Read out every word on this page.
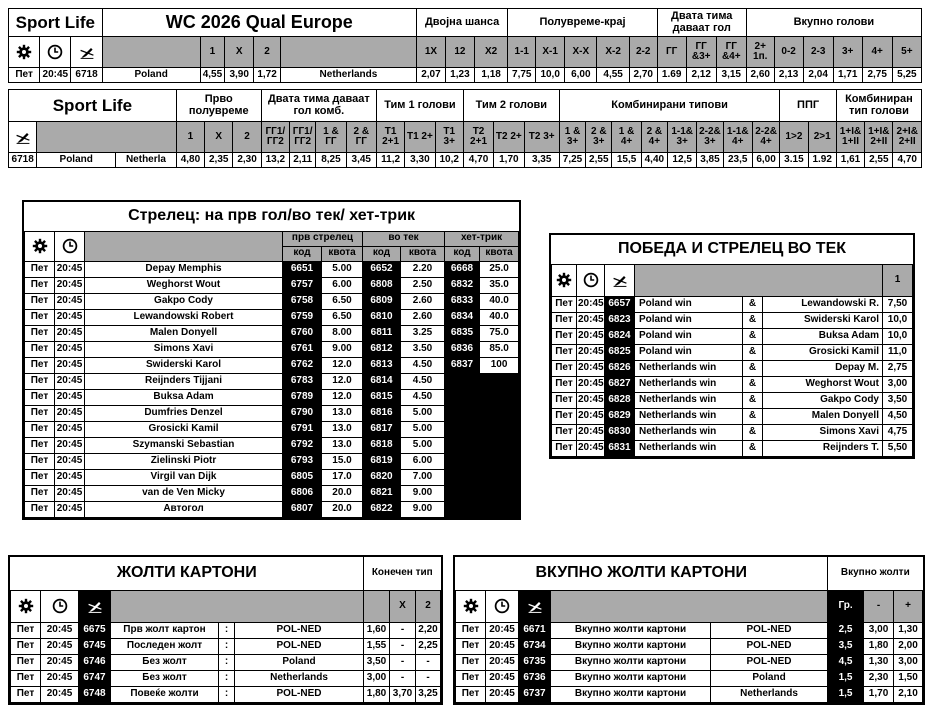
Sport Life			WC 2026 Qual Europe					Двојна шанса			Полувреме-крај					Двата тима даваат гол			Вкупно голови					

		1	X	2		1X	12	X2	1-1	X-1	X-X	X-2	2-2	ГГ	ГГ &3+	ГГ &4+	2+ 1п.	0-2	2-3	3+	4+	5+
Пет	20:45	6718	Poland	4,55	3,90	1,72	Netherlands	2,07	1,23	1,18	7,75	10,0	6,00	4,55	2,70	1.69	2,12	3,15	2,60	2,13	2,04	1,71	2,75	5,25
Sport Life			Прво полувреме			Двата тима даваат гол комб.				Тим 1 голови			Тим 2 голови			Комбинирани типови								ППГ		Комбиниран тип голови		

		1	X	2	ГГ1/ ГГ2	ГГ1/ ГГ2	1 & ГГ	2 & ГГ	T1 2+1	T1 2+	T1 3+	T2 2+1	T2 2+	T2 3+	1 & 3+	2 & 3+	1 & 4+	2 & 4+	1-1& 3+	2-2& 3+	1-1& 4+	2-2& 4+	1>2	2>1	1+I& 1+II	1+I& 2+II	2+I& 2+II
6718	Poland	Netherla	4,80	2,35	2,30	13,2	2,11	8,25	3,45	11,2	3,30	10,2	4,70	1,70	3,35	7,25	2,55	15,5	4,40	12,5	3,85	23,5	6,00	3.15	1.92	1,61	2,55	4,70
Стрелец: на прв гол/во тек/ хет-трик								

		прв стрелец		во тек		хет-трик	
			код	квота	код	квота	код	квота
Пет	20:45	Depay Memphis	6651	5.00	6652	2.20	6668	25.0
Пет	20:45	Weghorst Wout	6757	6.00	6808	2.50	6832	35.0
Пет	20:45	Gakpo Cody	6758	6.50	6809	2.60	6833	40.0
Пет	20:45	Lewandowski Robert	6759	6.50	6810	2.60	6834	40.0
Пет	20:45	Malen Donyell	6760	8.00	6811	3.25	6835	75.0
Пет	20:45	Simons Xavi	6761	9.00	6812	3.50	6836	85.0
Пет	20:45	Swiderski Karol	6762	12.0	6813	4.50	6837	100
Пет	20:45	Reijnders Tijjani	6783	12.0	6814	4.50		
Пет	20:45	Buksa Adam	6789	12.0	6815	4.50		
Пет	20:45	Dumfries Denzel	6790	13.0	6816	5.00		
Пет	20:45	Grosicki Kamil	6791	13.0	6817	5.00		
Пет	20:45	Szymanski Sebastian	6792	13.0	6818	5.00		
Пет	20:45	Zielinski Piotr	6793	15.0	6819	6.00		
Пет	20:45	Virgil van Dijk	6805	17.0	6820	7.00		
Пет	20:45	van de Ven Micky	6806	20.0	6821	9.00		
Пет	20:45	Автогол	6807	20.0	6822	9.00		
ПОБЕДА И СТРЕЛЕЦ ВО ТЕК						

		1
Пет	20:45	6657	Poland win	&	Lewandowski R.	7,50
Пет	20:45	6823	Poland win	&	Swiderski Karol	10,0
Пет	20:45	6824	Poland win	&	Buksa Adam	10,0
Пет	20:45	6825	Poland win	&	Grosicki Kamil	11,0
Пет	20:45	6826	Netherlands win	&	Depay M.	2,75
Пет	20:45	6827	Netherlands win	&	Weghorst Wout	3,00
Пет	20:45	6828	Netherlands win	&	Gakpo Cody	3,50
Пет	20:45	6829	Netherlands win	&	Malen Donyell	4,50
Пет	20:45	6830	Netherlands win	&	Simons Xavi	4,75
Пет	20:45	6831	Netherlands win	&	Reijnders T.	5,50
ЖОЛТИ КАРТОНИ						Конечен тип		

			X	2
Пет	20:45	6675	Прв жолт картон	:	POL-NED	1,60	-	2,20
Пет	20:45	6745	Последен жолт	:	POL-NED	1,55	-	2,25
Пет	20:45	6746	Без жолт	:	Poland	3,50	-	-
Пет	20:45	6747	Без жолт	:	Netherlands	3,00	-	-
Пет	20:45	6748	Повеќе жолти	:	POL-NED	1,80	3,70	3,25
ВКУПНО ЖОЛТИ КАРТОНИ					Вкупно жолти		

		Гр.	-	+
Пет	20:45	6671	Вкупно жолти картони	POL-NED	2,5	3,00	1,30
Пет	20:45	6734	Вкупно жолти картони	POL-NED	3,5	1,80	2,00
Пет	20:45	6735	Вкупно жолти картони	POL-NED	4,5	1,30	3,00
Пет	20:45	6736	Вкупно жолти картони	Poland	1,5	2,30	1,50
Пет	20:45	6737	Вкупно жолти картони	Netherlands	1,5	1,70	2,10
